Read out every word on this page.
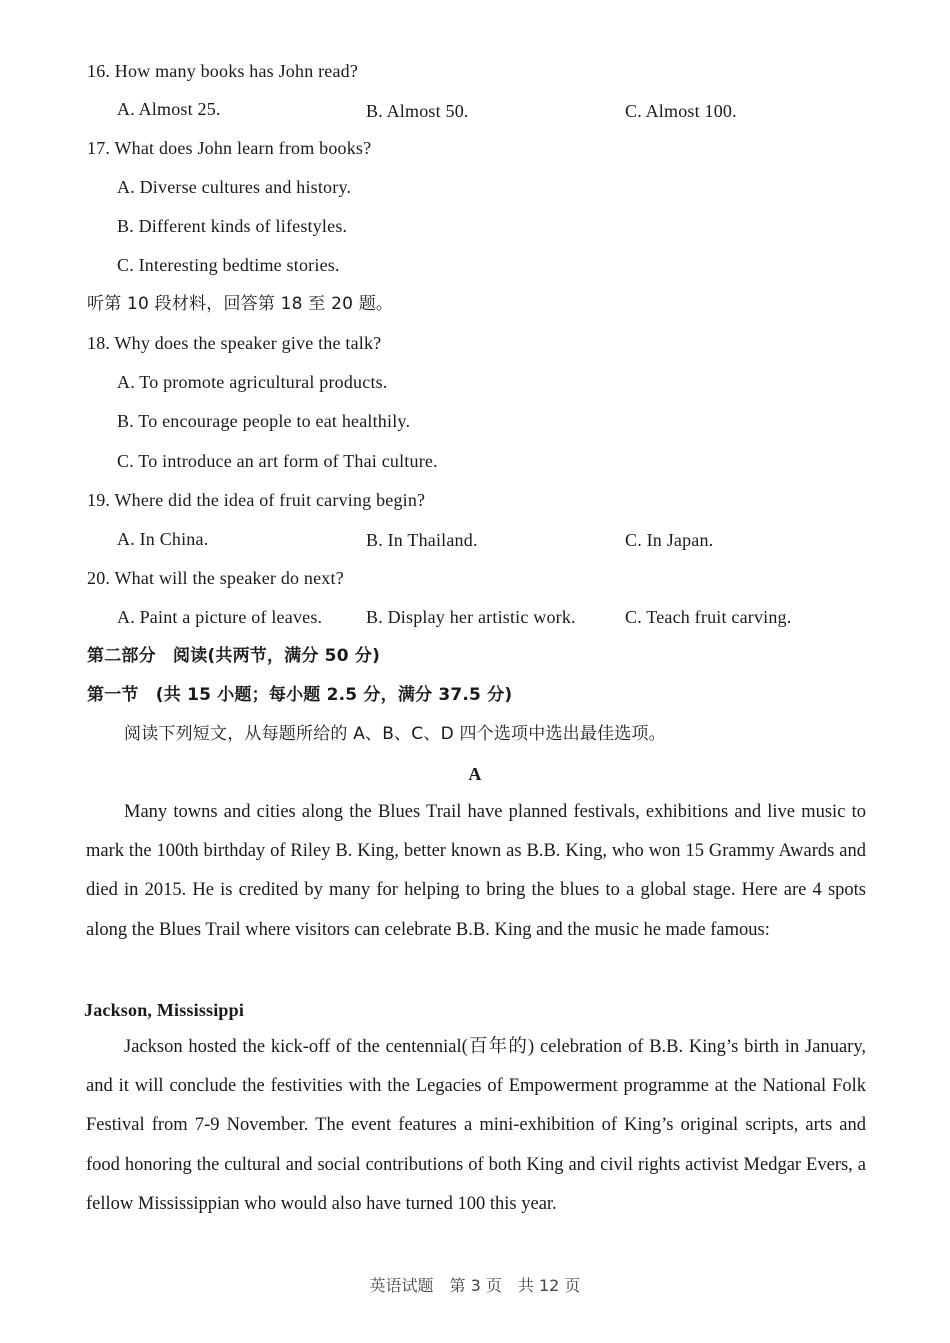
16. How many books has John read?
A. Almost 25.	B. Almost 50.	C. Almost 100.
17. What does John learn from books?
A. Diverse cultures and history.
B. Different kinds of lifestyles.
C. Interesting bedtime stories.
听第 10 段材料，回答第 18 至 20 题。
18. Why does the speaker give the talk?
A. To promote agricultural products.
B. To encourage people to eat healthily.
C. To introduce an art form of Thai culture.
19. Where did the idea of fruit carving begin?
A. In China.	B. In Thailand.	C. In Japan.
20. What will the speaker do next?
A. Paint a picture of leaves. B. Display her artistic work.	C. Teach fruit carving.
第二部分　阅读(共两节，满分 50 分)
第一节　(共 15 小题；每小题 2.5 分，满分 37.5 分)
阅读下列短文，从每题所给的 A、B、C、D 四个选项中选出最佳选项。
A
Many towns and cities along the Blues Trail have planned festivals, exhibitions and live music to mark the 100th birthday of Riley B. King, better known as B.B. King, who won 15 Grammy Awards and died in 2015. He is credited by many for helping to bring the blues to a global stage. Here are 4 spots along the Blues Trail where visitors can celebrate B.B. King and the music he made famous:
Jackson, Mississippi
Jackson hosted the kick-off of the centennial(百年的) celebration of B.B. King’s birth in January, and it will conclude the festivities with the Legacies of Empowerment programme at the National Folk Festival from 7-9 November. The event features a mini-exhibition of King’s original scripts, arts and food honoring the cultural and social contributions of both King and civil rights activist Medgar Evers, a fellow Mississippian who would also have turned 100 this year.
英语试题　第 3 页　共 12 页
